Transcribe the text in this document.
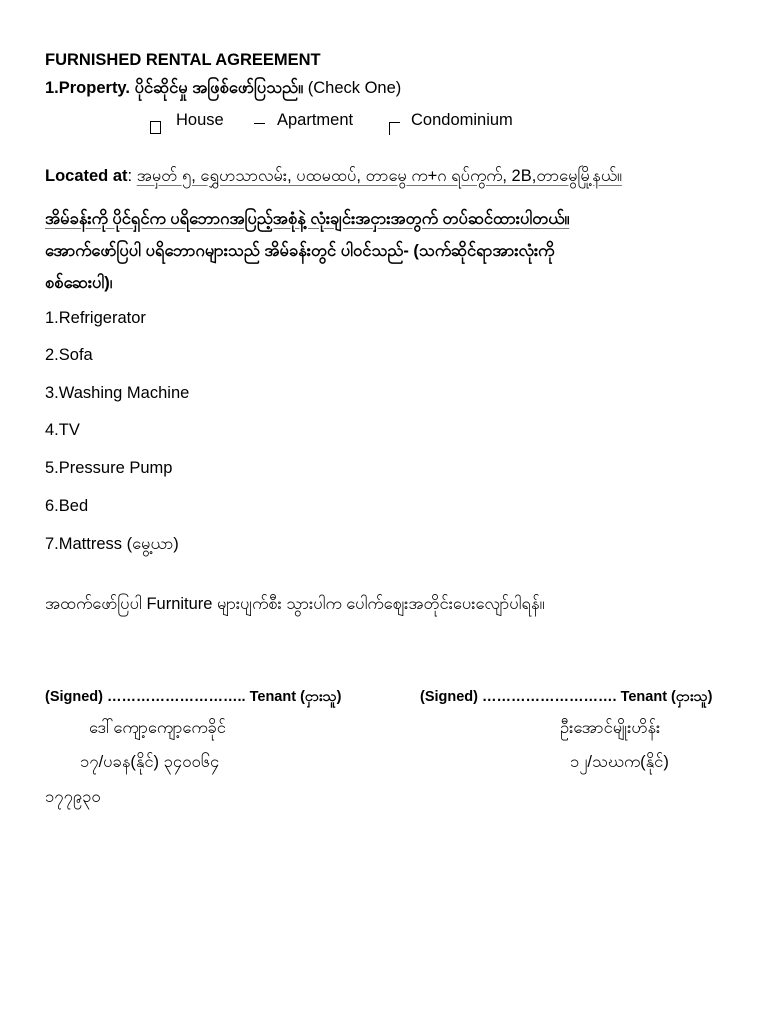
FURNISHED RENTAL AGREEMENT
1.Property. ပိုင်ဆိုင်မှု အဖြစ်ဖော်ပြသည်။ (Check One)
House	Apartment	Condominium
Located at: အမှတ် ၅, ရွှေဟသာလမ်း, ပထမထပ်, တာမွေ က+ဂ ရပ်ကွက်, 2B,တာမွေမြို့နယ်။
အိမ်ခန်းကို ပိုင်ရှင်က ပရိဘောဂအပြည့်အစုံနဲ့ လုံးချင်းအငှားအတွက် တပ်ဆင်ထားပါတယ်။
အောက်ဖော်ပြပါ ပရိဘောဂများသည် အိမ်ခန်းတွင် ပါဝင်သည်- (သက်ဆိုင်ရာအားလုံးကို
စစ်ဆေးပါ)၊
1.Refrigerator
2.Sofa
3.Washing Machine
4.TV
5.Pressure Pump
6.Bed
7.Mattress (မွေ့ယာ)
အထက်ဖော်ပြပါ Furniture များပျက်စီး သွားပါက ပေါက်ဈေးအတိုင်းပေးလျော်ပါရန်။
(Signed) ……………………….. Tenant (ငှားသူ)
ဒေါ်ကျော့ကျော့ကေခိုင်
၁၇/ပခန(နိုင်) ၃၄၀၀၆၄
၁၇၇၉၃၀
(Signed) ………………………. Tenant (ငှားသူ)
ဦးအောင်မျိုးဟိန်း
၁၂/သဃက(နိုင်)
